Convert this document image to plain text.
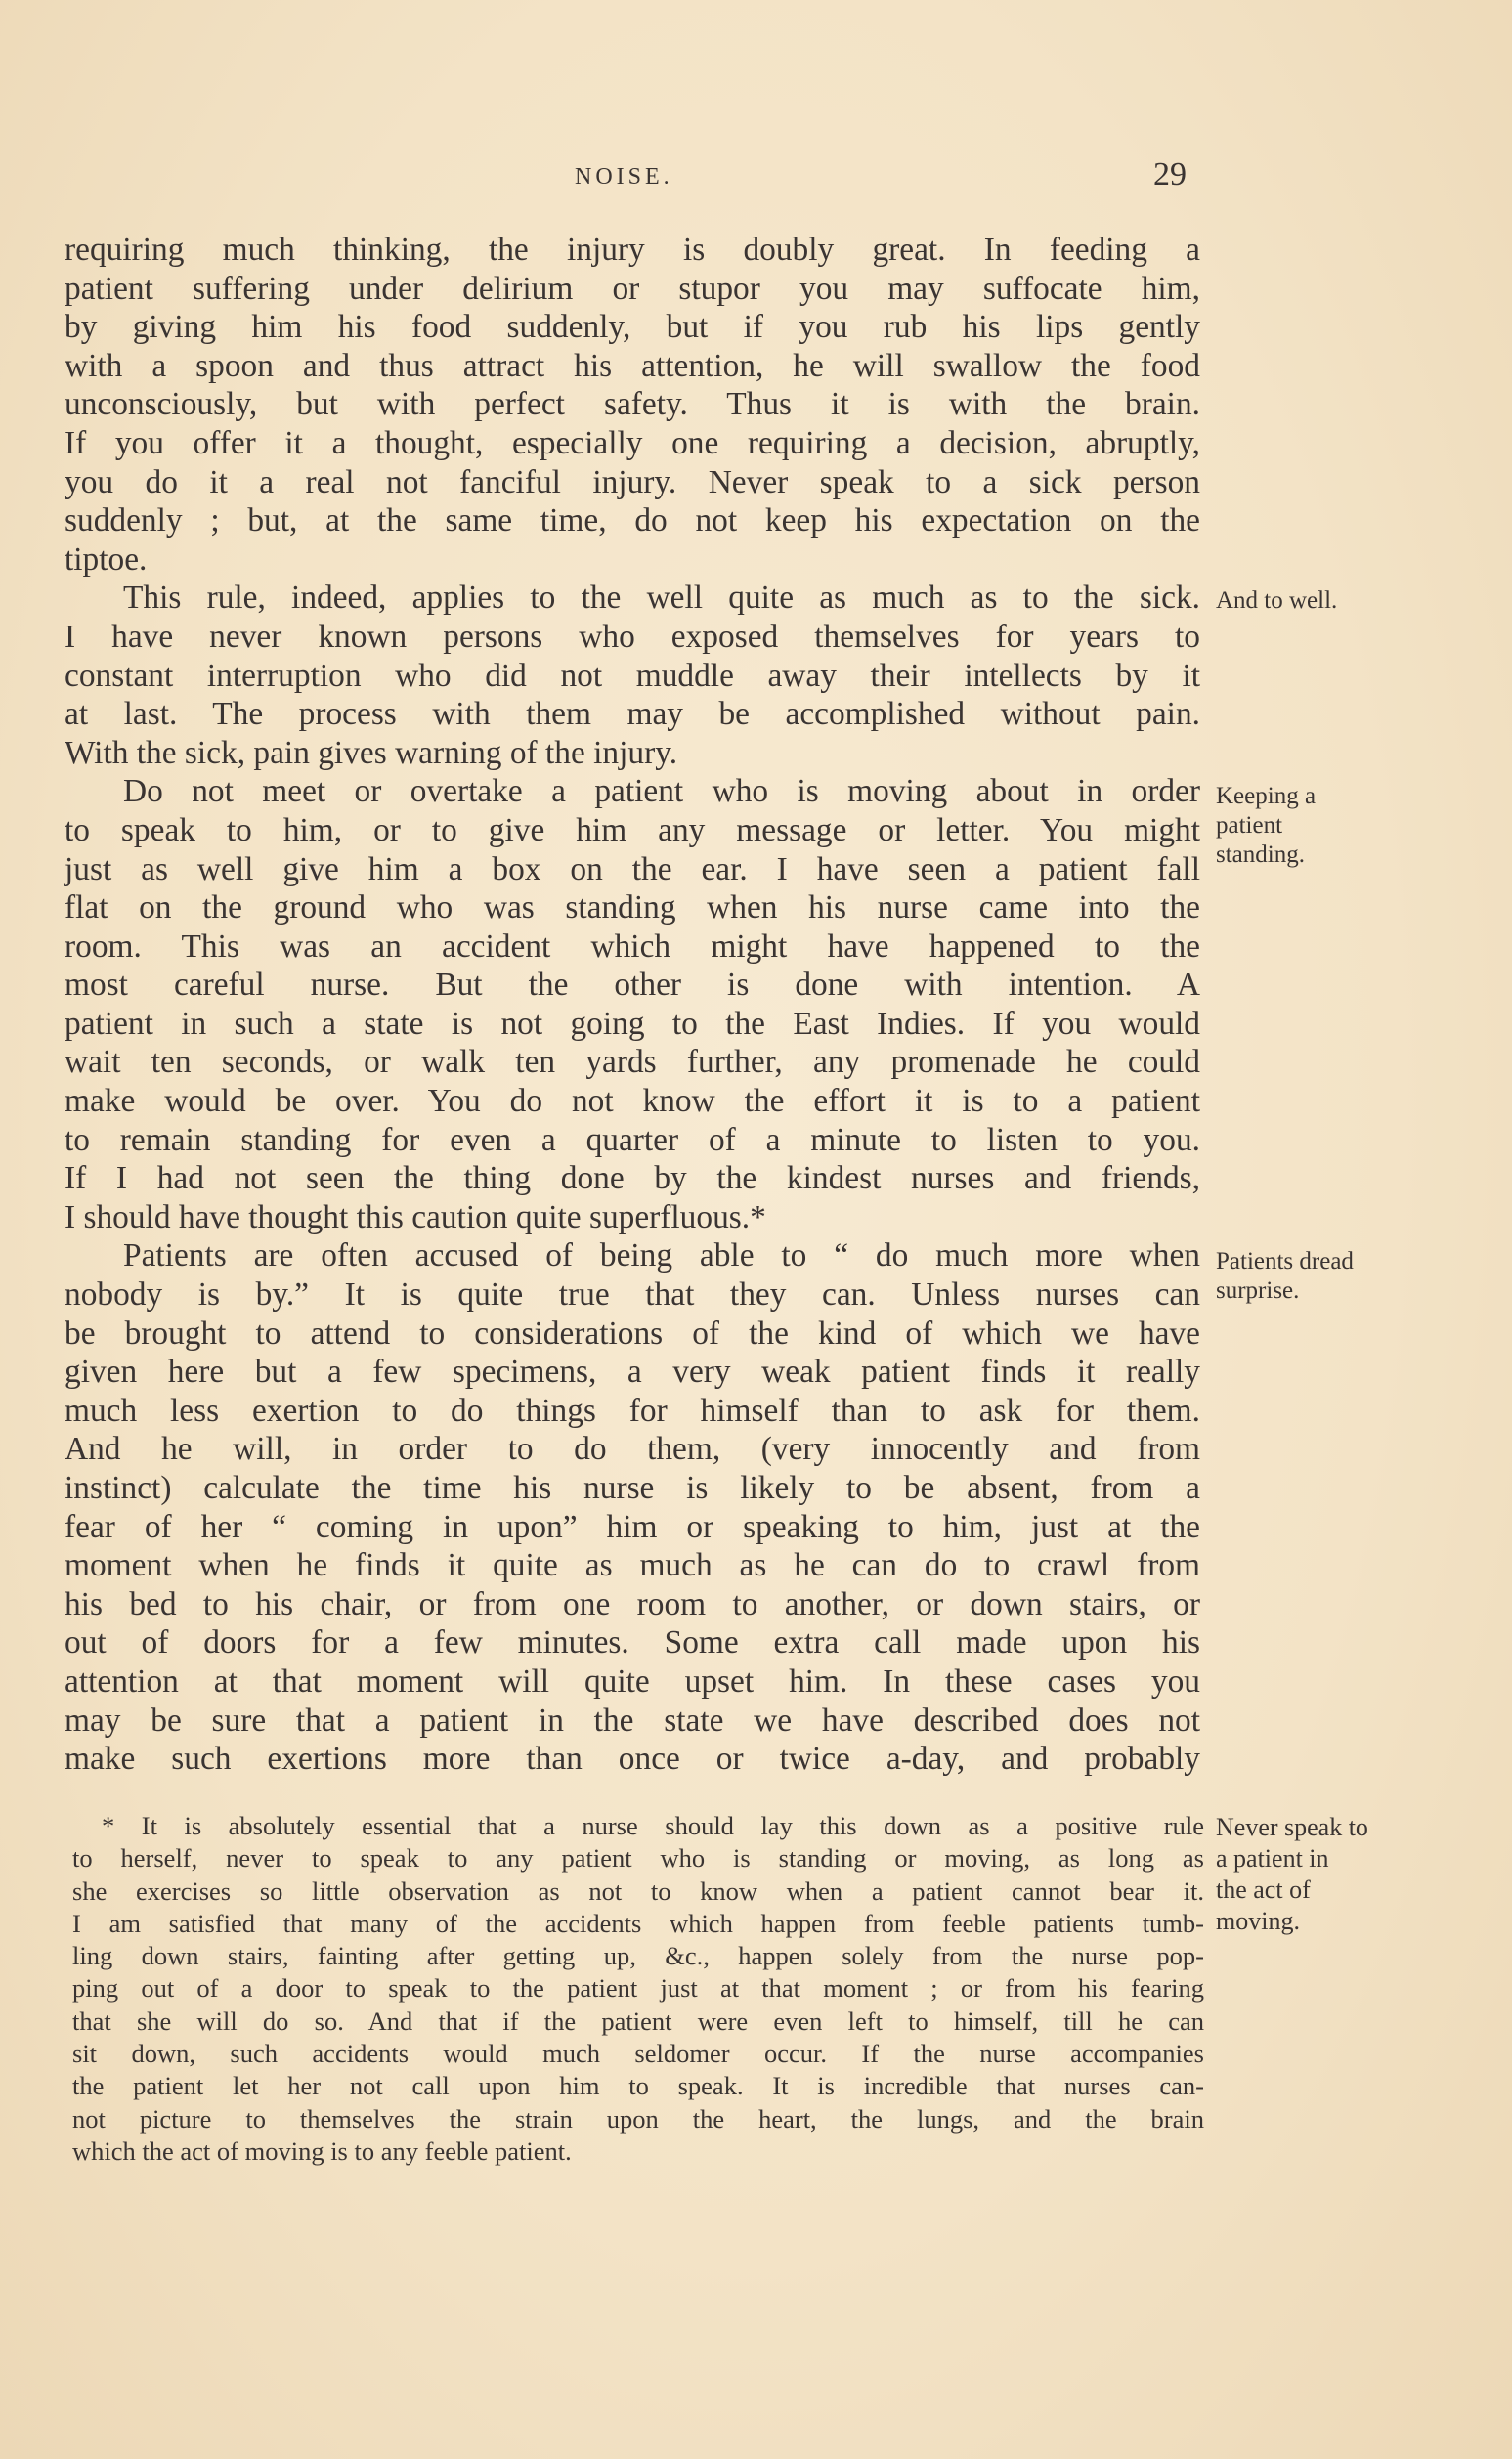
NOISE.	29
requiring much thinking, the injury is doubly great. In feeding a
patient suffering under delirium or stupor you may suffocate him,
by giving him his food suddenly, but if you rub his lips gently
with a spoon and thus attract his attention, he will swallow the food
unconsciously, but with perfect safety. Thus it is with the brain.
If you offer it a thought, especially one requiring a decision, abruptly,
you do it a real not fanciful injury. Never speak to a sick person
suddenly ; but, at the same time, do not keep his expectation on the
tiptoe.
This rule, indeed, applies to the well quite as much as to the sick.
I have never known persons who exposed themselves for years to
constant interruption who did not muddle away their intellects by it
at last. The process with them may be accomplished without pain.
With the sick, pain gives warning of the injury.
Do not meet or overtake a patient who is moving about in order
to speak to him, or to give him any message or letter. You might
just as well give him a box on the ear. I have seen a patient fall
flat on the ground who was standing when his nurse came into the
room. This was an accident which might have happened to the
most careful nurse. But the other is done with intention. A
patient in such a state is not going to the East Indies. If you would
wait ten seconds, or walk ten yards further, any promenade he could
make would be over. You do not know the effort it is to a patient
to remain standing for even a quarter of a minute to listen to you.
If I had not seen the thing done by the kindest nurses and friends,
I should have thought this caution quite superfluous.*
Patients are often accused of being able to “ do much more when
nobody is by.” It is quite true that they can. Unless nurses can
be brought to attend to considerations of the kind of which we have
given here but a few specimens, a very weak patient finds it really
much less exertion to do things for himself than to ask for them.
And he will, in order to do them, (very innocently and from
instinct) calculate the time his nurse is likely to be absent, from a
fear of her “ coming in upon” him or speaking to him, just at the
moment when he finds it quite as much as he can do to crawl from
his bed to his chair, or from one room to another, or down stairs, or
out of doors for a few minutes. Some extra call made upon his
attention at that moment will quite upset him. In these cases you
may be sure that a patient in the state we have described does not
make such exertions more than once or twice a-day, and probably
And to well.
Keeping a
patient
standing.
Patients dread
surprise.
* It is absolutely essential that a nurse should lay this down as a positive rule
to herself, never to speak to any patient who is standing or moving, as long as
she exercises so little observation as not to know when a patient cannot bear it.
I am satisfied that many of the accidents which happen from feeble patients tumb-
ling down stairs, fainting after getting up, &c., happen solely from the nurse pop-
ping out of a door to speak to the patient just at that moment ; or from his fearing
that she will do so. And that if the patient were even left to himself, till he can
sit down, such accidents would much seldomer occur. If the nurse accompanies
the patient let her not call upon him to speak. It is incredible that nurses can-
not picture to themselves the strain upon the heart, the lungs, and the brain
which the act of moving is to any feeble patient.
Never speak to
a patient in
the act of
moving.
